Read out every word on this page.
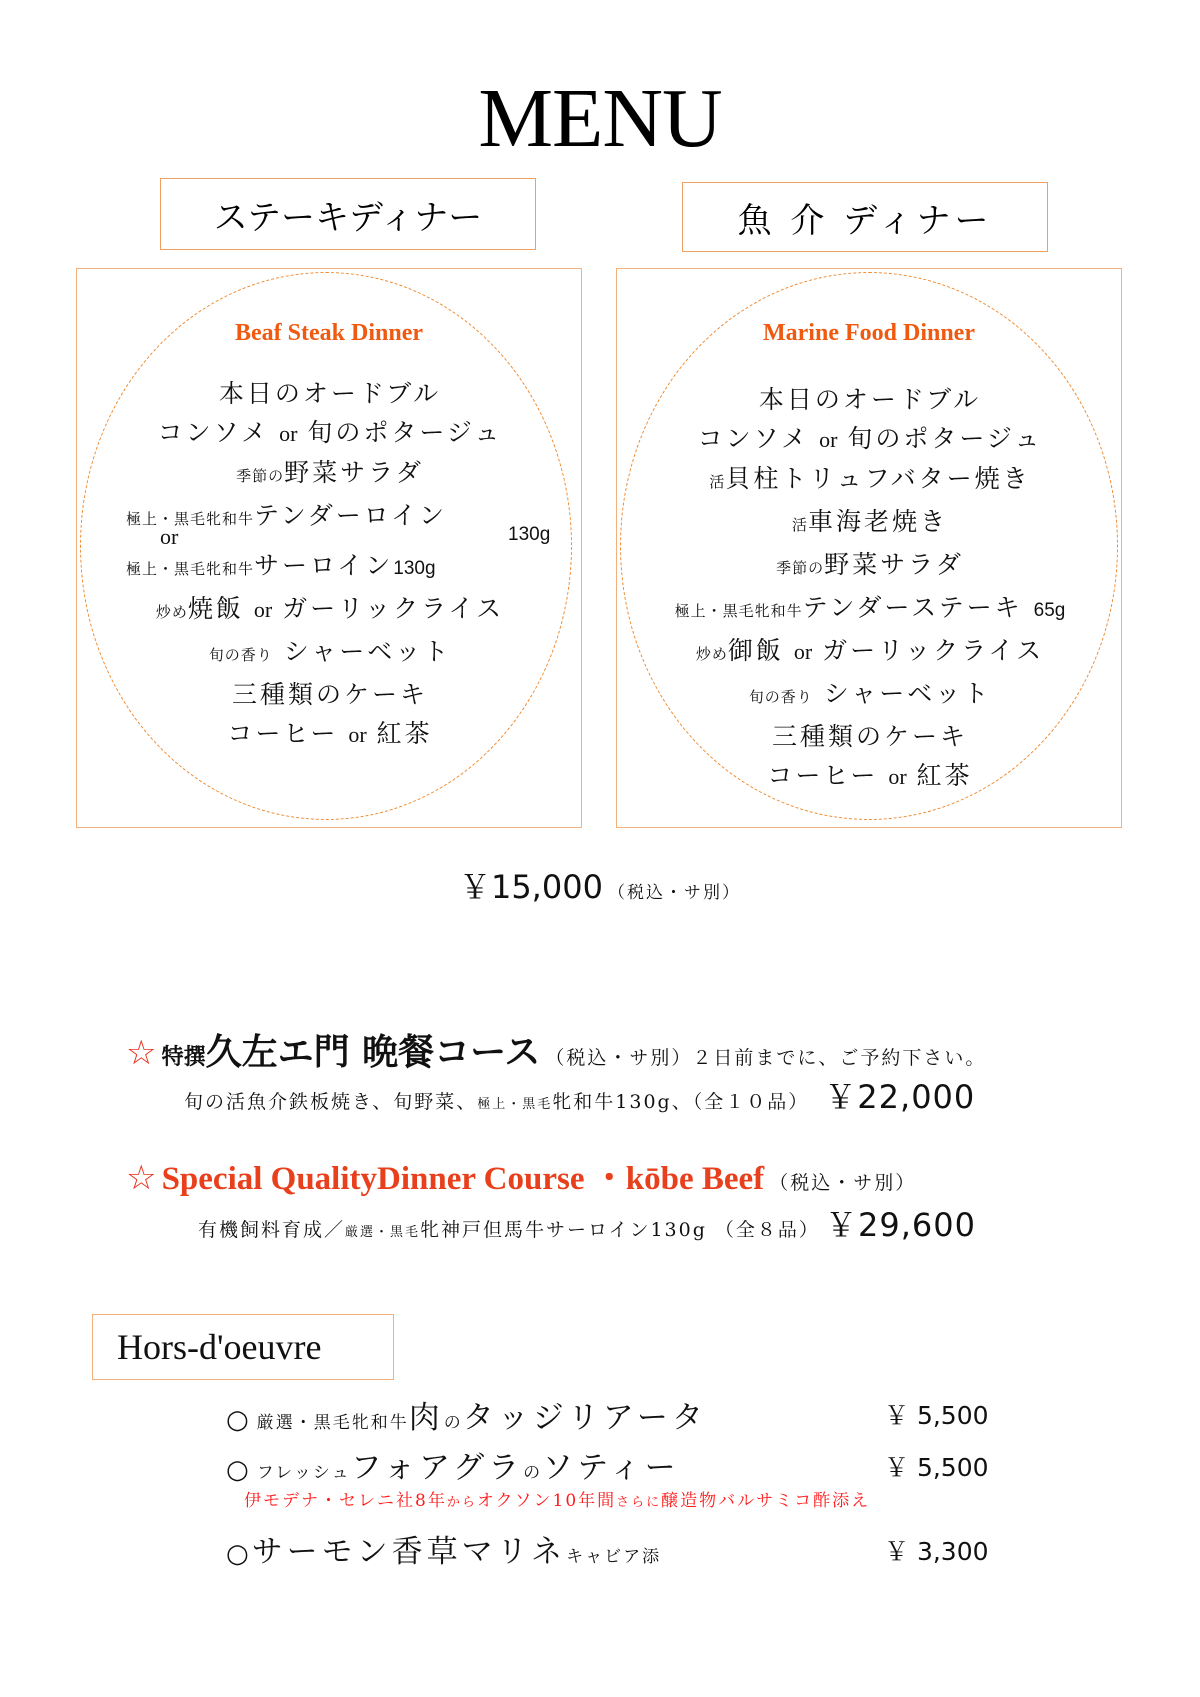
MENU
ステーキディナー	魚 介 ディナー
Beaf Steak Dinner
本日のオードブル
コンソメ or 旬のポタージュ
季節の野菜サラダ
極上・黒毛牝和牛テンダーロイン
or
極上・黒毛牝和牛サーロイン130g
炒め焼飯 or ガーリックライス
旬の香り シャーベット
三種類のケーキ
コーヒー or 紅茶
130g
Marine Food Dinner
本日のオードブル
コンソメ or 旬のポタージュ
活貝柱トリュフバター焼き
活車海老焼き
季節の野菜サラダ
極上・黒毛牝和牛テンダーステーキ 65g
炒め御飯 or ガーリックライス
旬の香り シャーベット
三種類のケーキ
コーヒー or 紅茶
￥15,000 （税込・サ別）
☆ 特撰久左エ門 晩餐コース （税込・サ別）２日前までに、ご予約下さい。
旬の活魚介鉄板焼き、旬野菜、極上・黒毛牝和牛130g、（全１０品） ￥22,000
☆ Special QualityDinner Course ・kōbe Beef （税込・サ別）
有機飼料育成／厳選・黒毛牝神戸但馬牛サーロイン130g （全８品） ￥29,600
Hors-d'oeuvre
○ 厳選・黒毛牝和牛肉のタッジリアータ	￥ 5,500
○ フレッシュフォアグラのソティー	￥ 5,500
伊モデナ・セレニ社8年からオクソン10年間さらに醸造物バルサミコ酢添え
○サーモン香草マリネキャビア添	￥ 3,300
